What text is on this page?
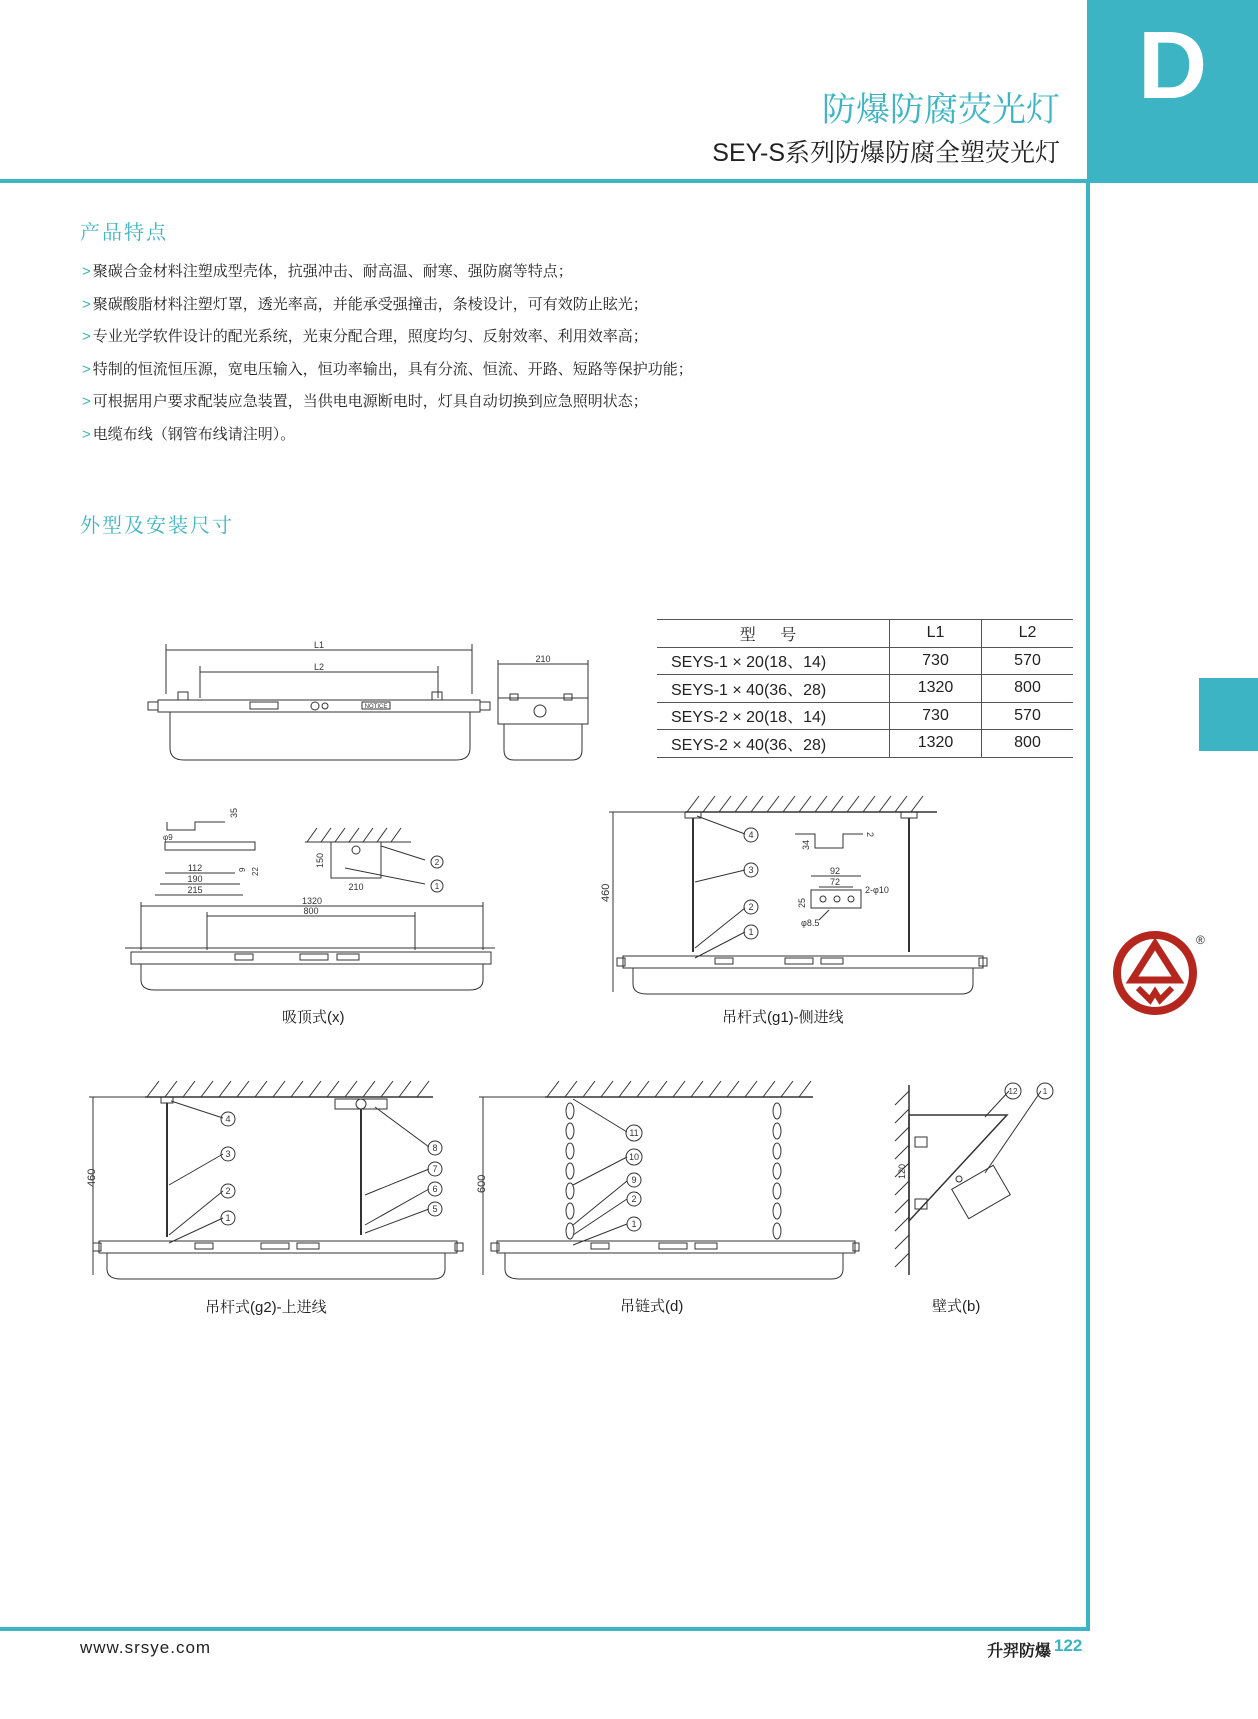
D
防爆防腐荧光灯
SEY-S系列防爆防腐全塑荧光灯
产品特点
> 聚碳合金材料注塑成型壳体，抗强冲击、耐高温、耐寒、强防腐等特点；
> 聚碳酸脂材料注塑灯罩，透光率高，并能承受强撞击，条棱设计，可有效防止眩光；
> 专业光学软件设计的配光系统，光束分配合理，照度均匀、反射效率、利用效率高；
> 特制的恒流恒压源，宽电压输入，恒功率输出，具有分流、恒流、开路、短路等保护功能；
> 可根据用户要求配装应急装置，当供电电源断电时，灯具自动切换到应急照明状态；
> 电缆布线（钢管布线请注明）。
外型及安装尺寸
型 号	L1	L2
SEYS-1 × 20(18、14)	730	570
SEYS-1 × 40(36、28)	1320	800
SEYS-2 × 20(18、14)	730	570
SEYS-2 × 40(36、28)	1320	800
L1
L2
NOTICE
210
35
φ9
9 22
112
190
215
150
210
2
1
1320
800
吸顶式(x)
460
4
3
2
1
2
34
92
72
25
2-φ10
φ8.5
吊杆式(g1)-侧进线
460
4
3
2
1
8
7
6
5
吊杆式(g2)-上进线
600
11
10
9
2
1
吊链式(d)
120
12	1
壁式(b)
®
www.srsye.com	升羿防爆 122
